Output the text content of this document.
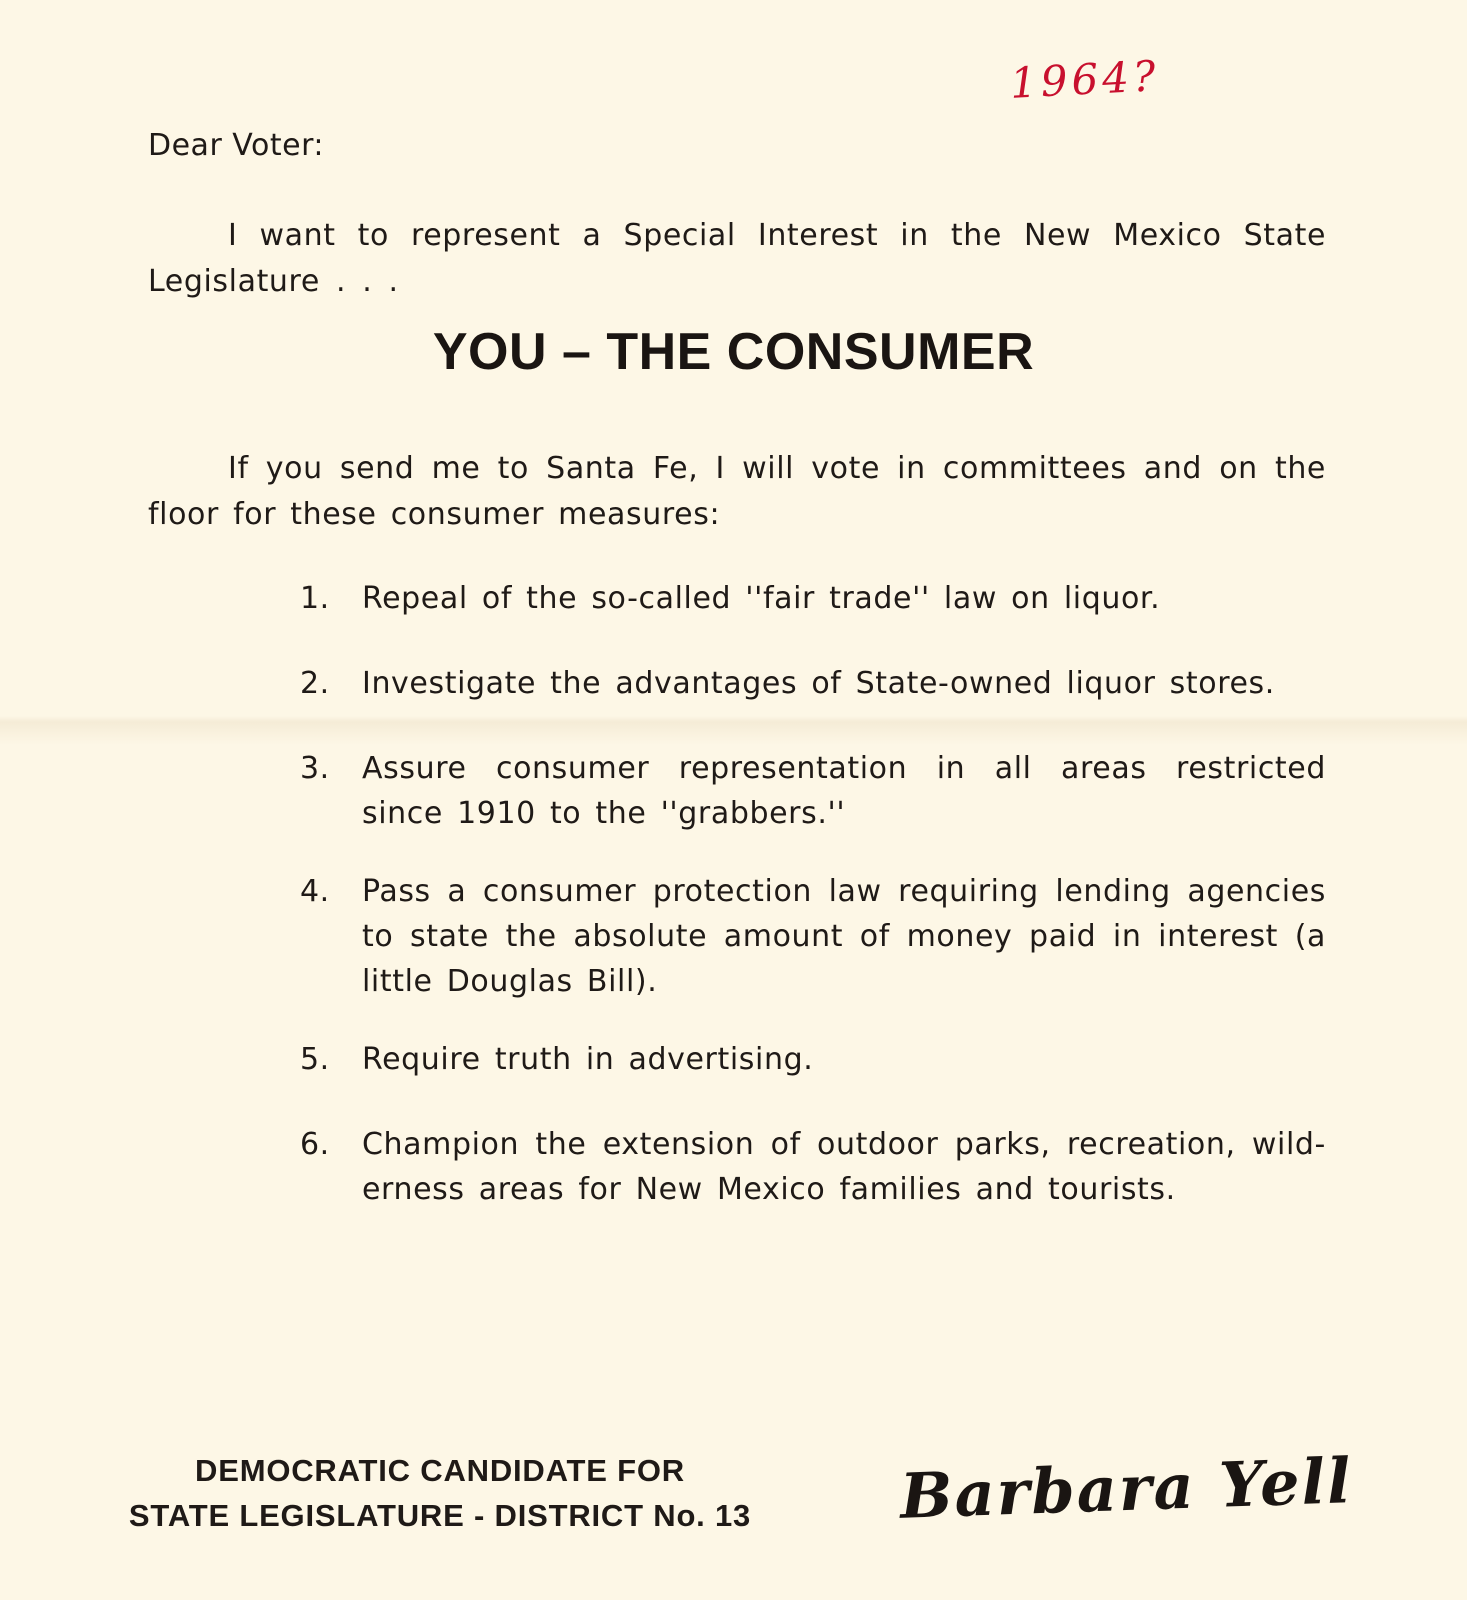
1964?
Dear Voter:
I want to represent a Special Interest in the New Mexico State Legislature . . .
YOU – THE CONSUMER
If you send me to Santa Fe, I will vote in committees and on the floor for these consumer measures:
1.	Repeal of the so-called ''fair trade'' law on liquor.
2.	Investigate the advantages of State-owned liquor stores.
3.	Assure consumer representation in all areas restricted since 1910 to the ''grabbers.''
4.	Pass a consumer protection law requiring lending agencies to state the absolute amount of money paid in interest (a little Douglas Bill).
5.	Require truth in advertising.
6.	Champion the extension of outdoor parks, recreation, wild-erness areas for New Mexico families and tourists.
DEMOCRATIC CANDIDATE FOR
STATE LEGISLATURE - DISTRICT No. 13 Barbara Yell
